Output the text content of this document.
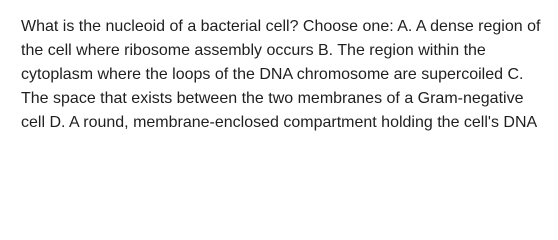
What is the nucleoid of a bacterial cell? Choose one: A. A dense region of the cell where ribosome assembly occurs B. The region within the cytoplasm where the loops of the DNA chromosome are supercoiled C. The space that exists between the two membranes of a Gram-negative cell D. A round, membrane-enclosed compartment holding the cell's DNA
